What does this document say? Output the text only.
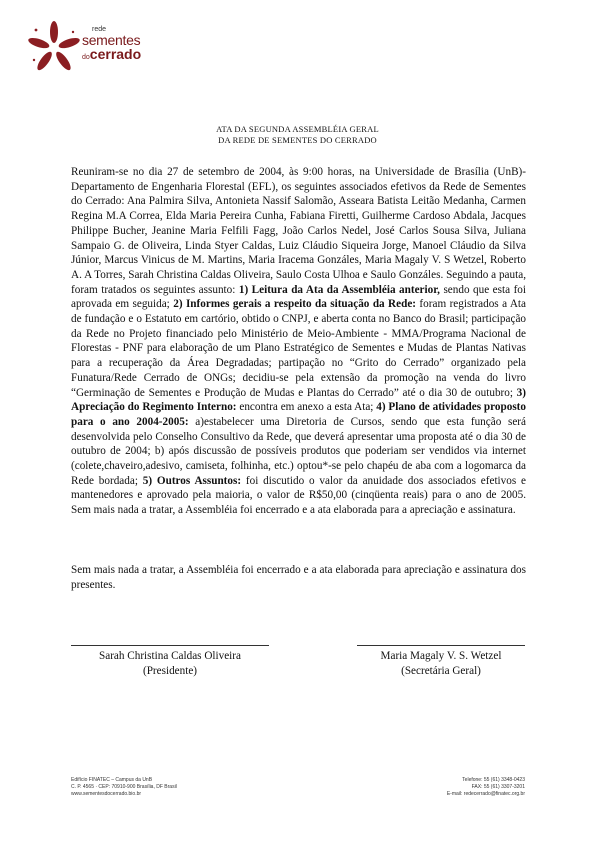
rede
sementes
docerrado
ATA DA SEGUNDA ASSEMBLÉIA GERAL
DA REDE DE SEMENTES DO CERRADO
Reuniram-se no dia 27 de setembro de 2004, às 9:00 horas, na Universidade de Brasília (UnB)- Departamento de Engenharia Florestal (EFL), os seguintes associados efetivos da Rede de Sementes do Cerrado: Ana Palmira Silva, Antonieta Nassif Salomão, Asseara Batista Leitão Medanha, Carmen Regina M.A Correa, Elda Maria Pereira Cunha, Fabiana Firetti, Guilherme Cardoso Abdala, Jacques Philippe Bucher, Jeanine Maria Felfili Fagg, João Carlos Nedel, José Carlos Sousa Silva, Juliana Sampaio G. de Oliveira, Linda Styer Caldas, Luiz Cláudio Siqueira Jorge, Manoel Cláudio da Silva Júnior, Marcus Vinicus de M. Martins, Maria Iracema Gonzáles, Maria Magaly V. S Wetzel, Roberto A. A Torres, Sarah Christina Caldas Oliveira, Saulo Costa Ulhoa e Saulo Gonzáles. Seguindo a pauta, foram tratados os seguintes assunto: 1) Leitura da Ata da Assembléia anterior, sendo que esta foi aprovada em seguida; 2) Informes gerais a respeito da situação da Rede: foram registrados a Ata de fundação e o Estatuto em cartório, obtido o CNPJ, e aberta conta no Banco do Brasil; participação da Rede no Projeto financiado pelo Ministério de Meio-Ambiente - MMA/Programa Nacional de Florestas - PNF para elaboração de um Plano Estratégico de Sementes e Mudas de Plantas Nativas para a recuperação da Área Degradadas; partipação no “Grito do Cerrado” organizado pela Funatura/Rede Cerrado de ONGs; decidiu-se pela extensão da promoção na venda do livro “Germinação de Sementes e Produção de Mudas e Plantas do Cerrado” até o dia 30 de outubro; 3) Apreciação do Regimento Interno: encontra em anexo a esta Ata; 4) Plano de atividades proposto para o ano 2004-2005: a)estabelecer uma Diretoria de Cursos, sendo que esta função será desenvolvida pelo Conselho Consultivo da Rede, que deverá apresentar uma proposta até o dia 30 de outubro de 2004; b) após discussão de possíveis produtos que poderiam ser vendidos via internet (colete,chaveiro,adesivo, camiseta, folhinha, etc.) optou*-se pelo chapéu de aba com a logomarca da Rede bordada; 5) Outros Assuntos: foi discutido o valor da anuidade dos associados efetivos e mantenedores e aprovado pela maioria, o valor de R$50,00 (cinqüenta reais) para o ano de 2005. Sem mais nada a tratar, a Assembléia foi encerrado e a ata elaborada para a apreciação e assinatura.
Sem mais nada a tratar, a Assembléia foi encerrado e a ata elaborada para apreciação e assinatura dos presentes.
Sarah Christina Caldas Oliveira
(Presidente)
Maria Magaly V. S. Wetzel
(Secretária Geral)
Edifício FINATEC – Campus da UnB
C. P. 4565 · CEP: 70910-900 Brasília, DF Brasil
www.sementesdocerrado.bio.br
Telefone: 55 (61) 3348-0423
FAX: 55 (61) 3307-3201
E-mail: redecerrado@finatec.org.br
